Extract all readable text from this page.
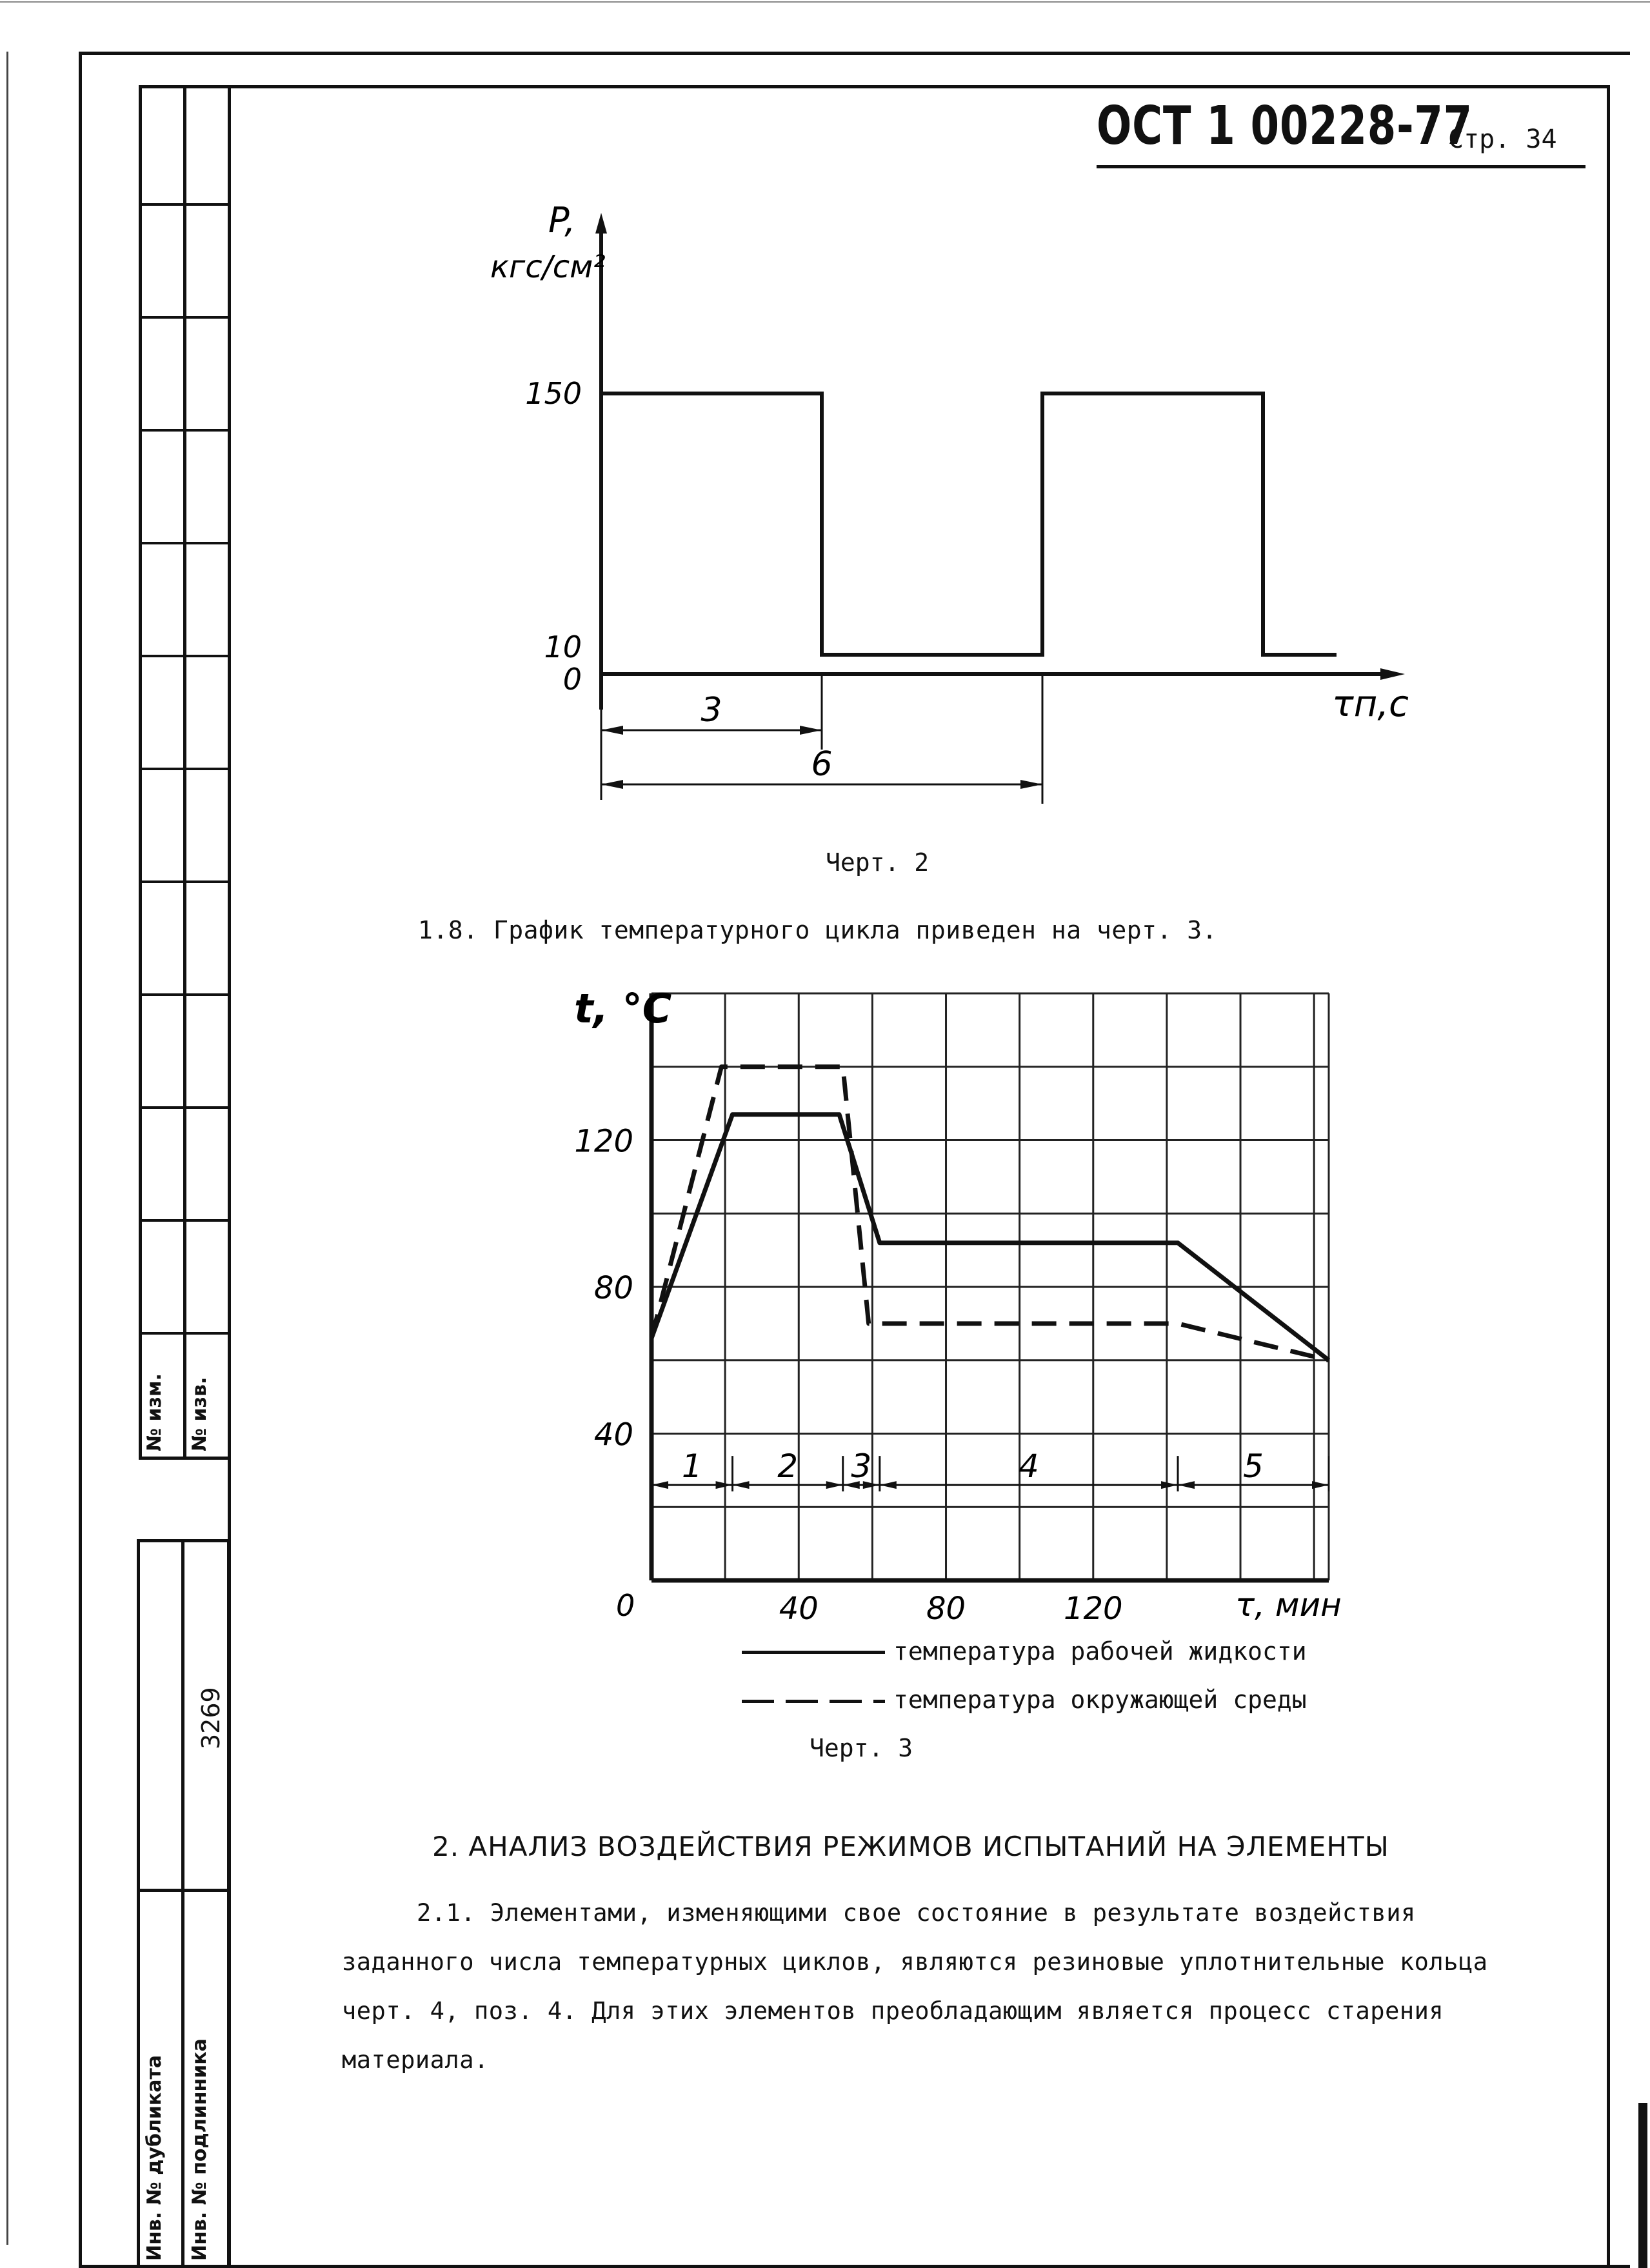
№ изм. № изв.
Инв. № дубликата Инв. № подлинника
3269
ОСТ 1 00228-77
Стр. 34
150
10
0
3
6
P,
кгс/см²
τп,с
Черт. 2
1.8. График температурного цикла приведен на черт. 3.
1 2 3	4	5
120
80
40
40	80	120
t, °C
0	τ, мин
температура рабочей жидкости
температура окружающей среды
Черт. 3
2. АНАЛИЗ ВОЗДЕЙСТВИЯ РЕЖИМОВ ИСПЫТАНИЙ НА ЭЛЕМЕНТЫ
2.1. Элементами, изменяющими свое состояние в результате воздействия
заданного числа температурных циклов, являются резиновые уплотнительные кольца
черт. 4, поз. 4. Для этих элементов преобладающим является процесс старения
материала.
